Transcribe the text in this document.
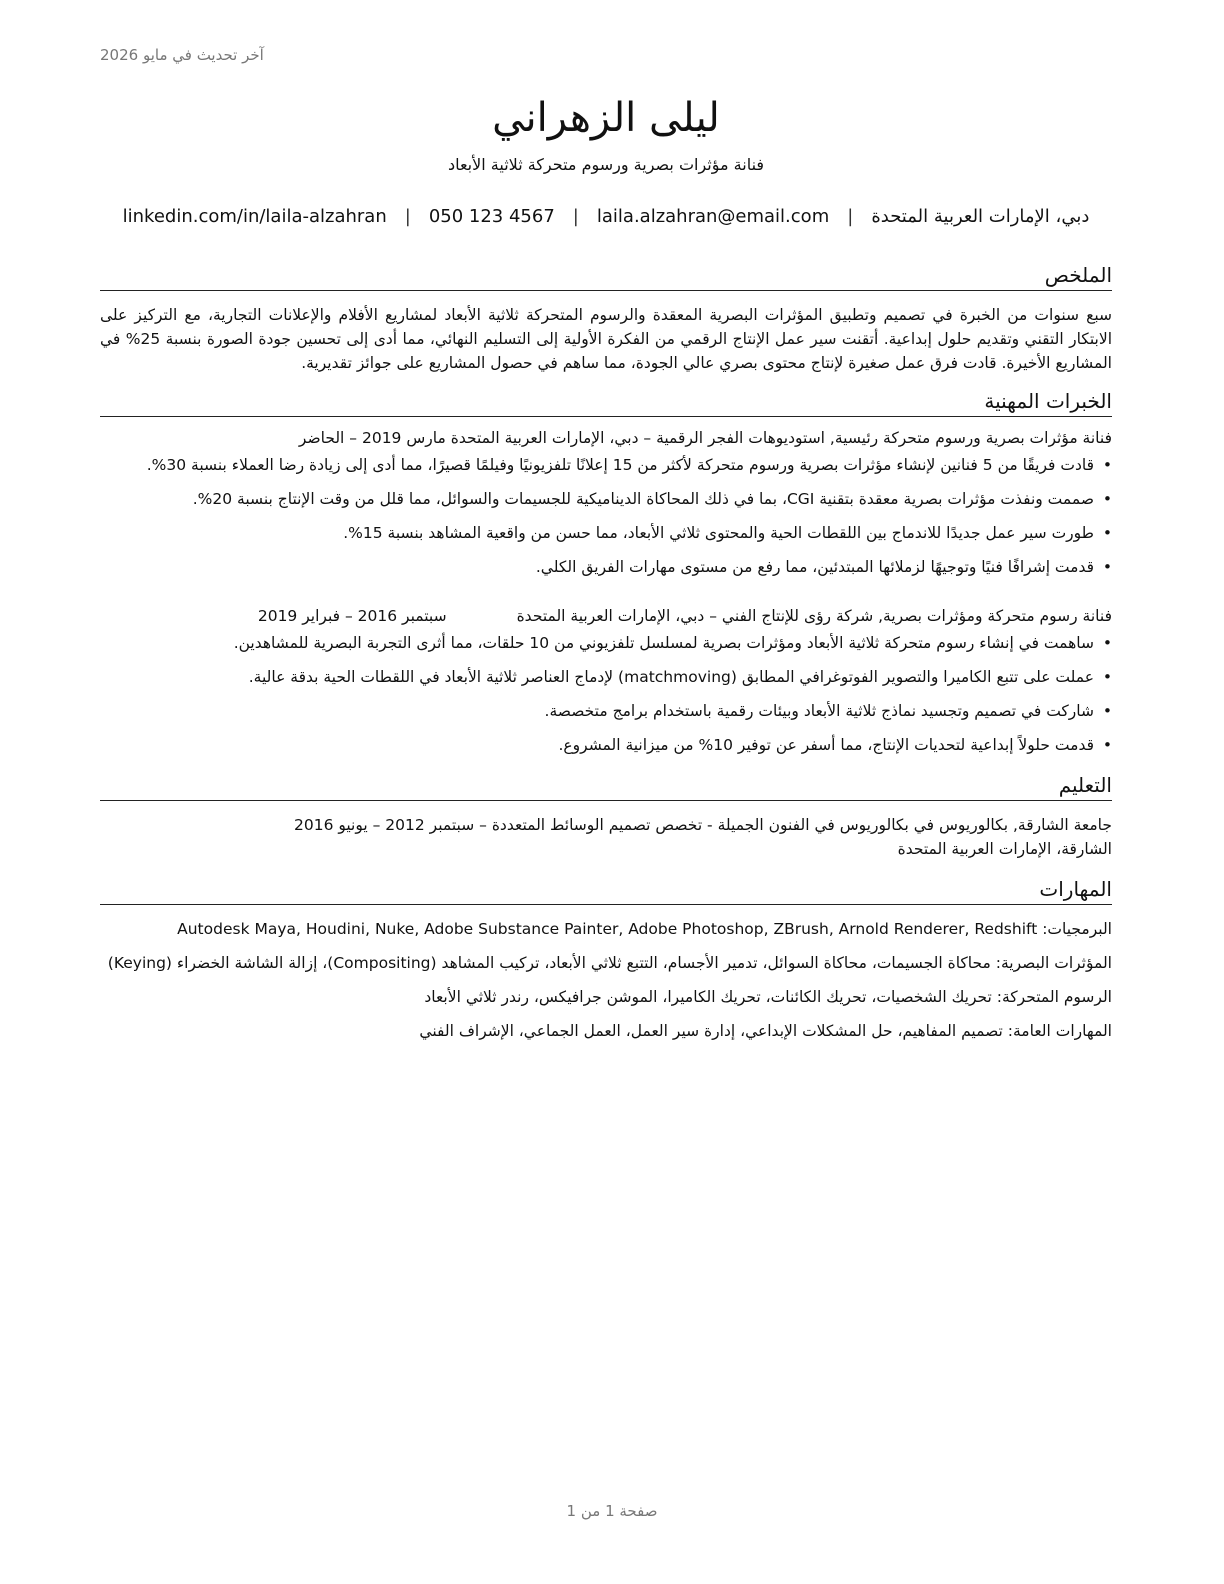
آخر تحديث في مايو 2026
ليلى الزهراني
فنانة مؤثرات بصرية ورسوم متحركة ثلاثية الأبعاد
دبي، الإمارات العربية المتحدة
|
laila.alzahran@email.com
|
050 123 4567
|
linkedin.com/in/laila-alzahran
الملخص
سبع سنوات من الخبرة في تصميم وتطبيق المؤثرات البصرية المعقدة والرسوم المتحركة ثلاثية الأبعاد لمشاريع الأفلام والإعلانات التجارية، مع التركيز على الابتكار التقني وتقديم حلول إبداعية. أتقنت سير عمل الإنتاج الرقمي من الفكرة الأولية إلى التسليم النهائي، مما أدى إلى تحسين جودة الصورة بنسبة 25% في المشاريع الأخيرة. قادت فرق عمل صغيرة لإنتاج محتوى بصري عالي الجودة، مما ساهم في حصول المشاريع على جوائز تقديرية.
الخبرات المهنية
فنانة مؤثرات بصرية ورسوم متحركة رئيسية, استوديوهات الفجر الرقمية – دبي، الإمارات العربية المتحدة مارس 2019 – الحاضر
• قادت فريقًا من 5 فنانين لإنشاء مؤثرات بصرية ورسوم متحركة لأكثر من 15 إعلانًا تلفزيونيًا وفيلمًا قصيرًا، مما أدى إلى زيادة رضا العملاء بنسبة 30%.
• صممت ونفذت مؤثرات بصرية معقدة بتقنية CGI، بما في ذلك المحاكاة الديناميكية للجسيمات والسوائل، مما قلل من وقت الإنتاج بنسبة 20%.
• طورت سير عمل جديدًا للاندماج بين اللقطات الحية والمحتوى ثلاثي الأبعاد، مما حسن من واقعية المشاهد بنسبة 15%.
• قدمت إشرافًا فنيًا وتوجيهًا لزملائها المبتدئين، مما رفع من مستوى مهارات الفريق الكلي.
فنانة رسوم متحركة ومؤثرات بصرية, شركة رؤى للإنتاج الفني – دبي، الإمارات العربية المتحدة
سبتمبر 2016 – فبراير 2019
• ساهمت في إنشاء رسوم متحركة ثلاثية الأبعاد ومؤثرات بصرية لمسلسل تلفزيوني من 10 حلقات، مما أثرى التجربة البصرية للمشاهدين.
• عملت على تتبع الكاميرا والتصوير الفوتوغرافي المطابق (matchmoving) لإدماج العناصر ثلاثية الأبعاد في اللقطات الحية بدقة عالية.
• شاركت في تصميم وتجسيد نماذج ثلاثية الأبعاد وبيئات رقمية باستخدام برامج متخصصة.
• قدمت حلولاً إبداعية لتحديات الإنتاج، مما أسفر عن توفير 10% من ميزانية المشروع.
التعليم
جامعة الشارقة, بكالوريوس في بكالوريوس في الفنون الجميلة - تخصص تصميم الوسائط المتعددة – سبتمبر 2012 – يونيو 2016
الشارقة، الإمارات العربية المتحدة
المهارات
البرمجيات: Autodesk Maya, Houdini, Nuke, Adobe Substance Painter, Adobe Photoshop, ZBrush, Arnold Renderer, Redshift
المؤثرات البصرية: محاكاة الجسيمات، محاكاة السوائل، تدمير الأجسام، التتبع ثلاثي الأبعاد، تركيب المشاهد (Compositing)، إزالة الشاشة الخضراء (Keying)
الرسوم المتحركة: تحريك الشخصيات، تحريك الكائنات، تحريك الكاميرا، الموشن جرافيكس، رندر ثلاثي الأبعاد
المهارات العامة: تصميم المفاهيم، حل المشكلات الإبداعي، إدارة سير العمل، العمل الجماعي، الإشراف الفني
صفحة 1 من 1
